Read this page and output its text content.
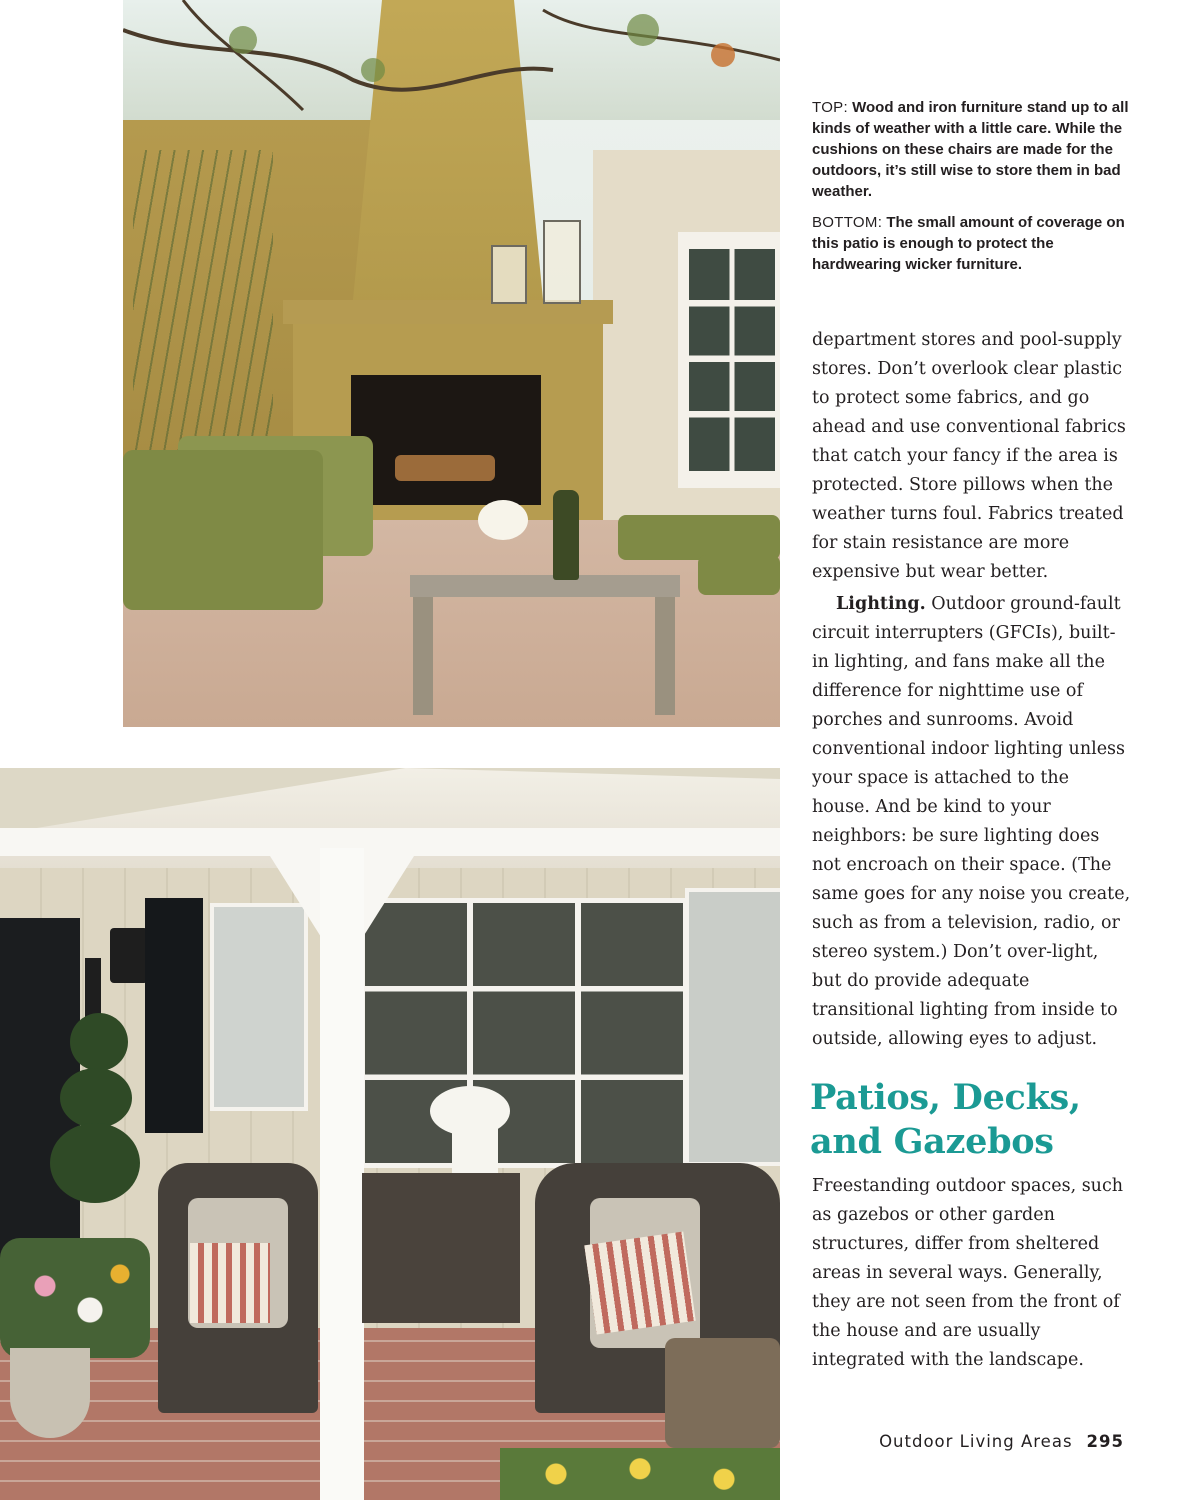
TOP: Wood and iron furniture stand up to all kinds of weather with a little care. While the cushions on these chairs are made for the outdoors, it’s still wise to store them in bad weather.

BOTTOM: The small amount of coverage on this patio is enough to protect the hardwearing wicker furniture.

department stores and pool-supply stores. Don’t overlook clear plastic to protect some fabrics, and go ahead and use conventional fabrics that catch your fancy if the area is protected. Store pillows when the weather turns foul. Fabrics treated for stain resistance are more expensive but wear better.

Lighting. Outdoor ground-fault circuit interrupters (GFCIs), built-in lighting, and fans make all the difference for nighttime use of porches and sunrooms. Avoid conventional indoor lighting unless your space is attached to the house. And be kind to your neighbors: be sure lighting does not encroach on their space. (The same goes for any noise you create, such as from a television, radio, or stereo system.) Don’t over-light, but do provide adequate transitional lighting from inside to outside, allowing eyes to adjust.

Patios, Decks, and Gazebos

Freestanding outdoor spaces, such as gazebos or other garden structures, differ from sheltered areas in several ways. Generally, they are not seen from the front of the house and are usually integrated with the landscape.

Outdoor Living Areas 295
